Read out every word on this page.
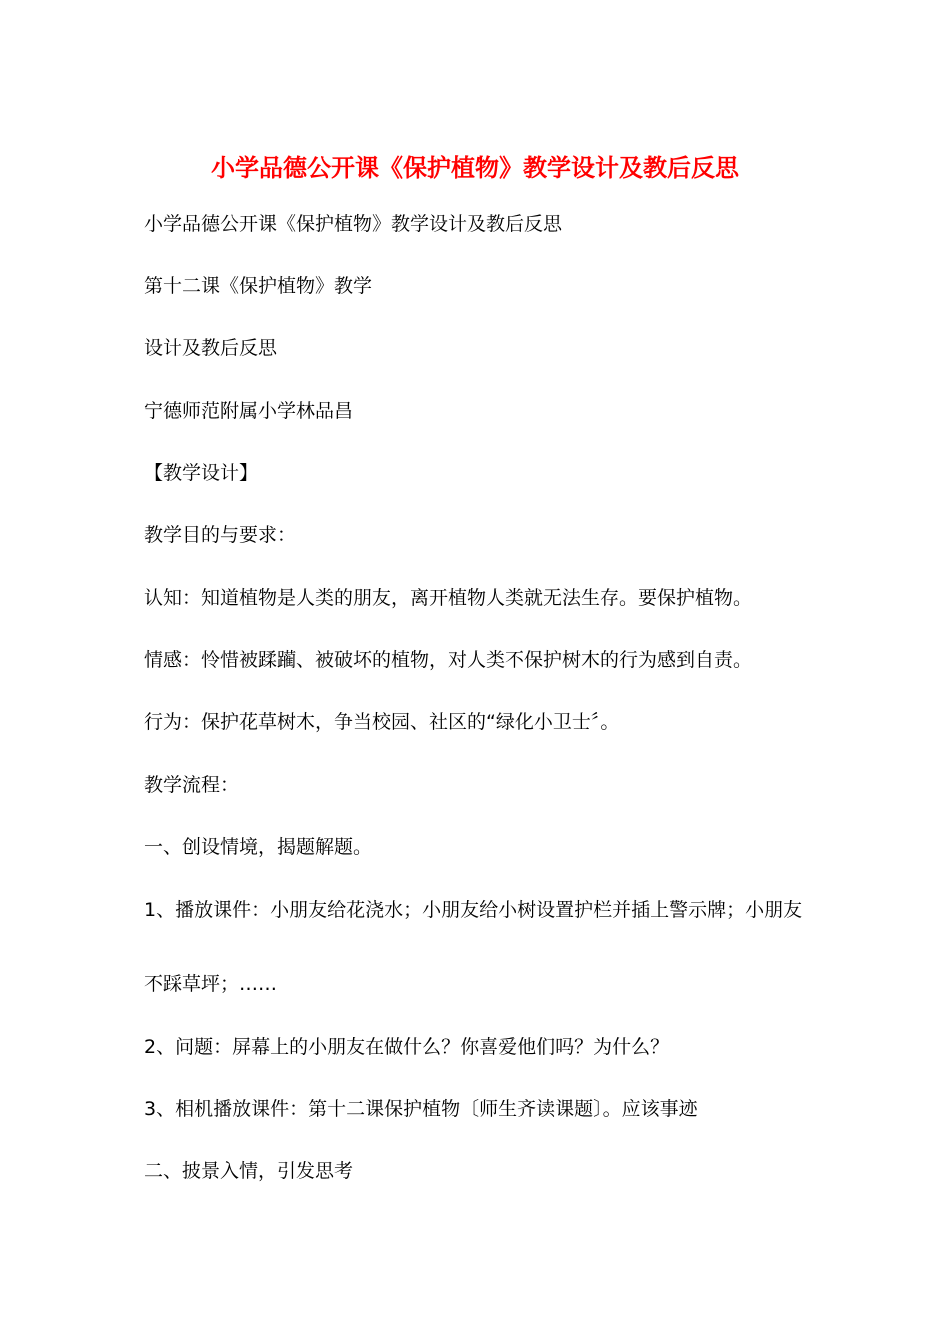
小学品德公开课《保护植物》教学设计及教后反思

小学品德公开课《保护植物》教学设计及教后反思

第十二课《保护植物》教学

设计及教后反思

宁德师范附属小学林品昌

【教学设计】

教学目的与要求：

认知：知道植物是人类的朋友，离开植物人类就无法生存。要保护植物。

情感：怜惜被蹂躏、被破坏的植物，对人类不保护树木的行为感到自责。

行为：保护花草树木，争当校园、社区的“绿化小卫士〞。

教学流程：

一、创设情境，揭题解题。

1、播放课件：小朋友给花浇水；小朋友给小树设置护栏并插上警示牌；小朋友

不踩草坪；……

2、问题：屏幕上的小朋友在做什么？你喜爱他们吗？为什么？

3、相机播放课件：第十二课保护植物〔师生齐读课题〕。应该事迹

二、披景入情，引发思考
